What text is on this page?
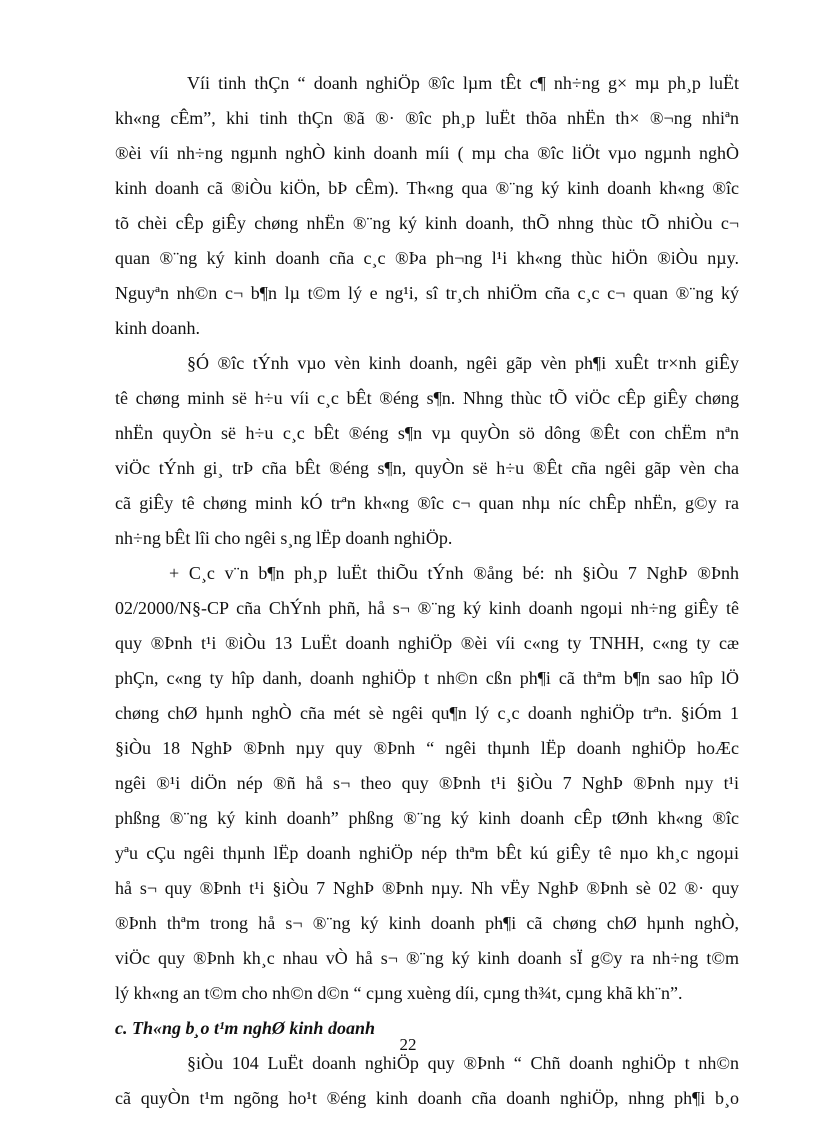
Víi tinh thÇn “ doanh nghiÖp ®îc lµm tÊt c¶ nh÷ng g× mµ ph¸p luËt
kh«ng cÊm”, khi tinh thÇn ®ã ®· ®îc ph¸p luËt thõa nhËn th× ®¬ng nhiªn
®èi víi nh÷ng ngµnh nghÒ kinh doanh míi ( mµ cha ®îc liÖt vµo ngµnh nghÒ
kinh doanh cã ®iÒu kiÖn, bÞ cÊm). Th«ng qua ®¨ng ký kinh doanh kh«ng ®îc
tõ chèi cÊp giÊy chøng nhËn ®¨ng ký kinh doanh, thÕ nhng thùc tÕ nhiÒu c¬
quan ®¨ng ký kinh doanh cña c¸c ®Þa ph¬ng l¹i kh«ng thùc hiÖn ®iÒu nµy.
Nguyªn nh©n c¬ b¶n lµ t©m lý e ng¹i, sî tr¸ch nhiÖm cña c¸c c¬ quan ®¨ng ký
kinh doanh.

§Ó ®îc tÝnh vµo vèn kinh doanh, ngêi gãp vèn ph¶i xuÊt tr×nh giÊy
tê chøng minh së h÷u víi c¸c bÊt ®éng s¶n. Nhng thùc tÕ viÖc cÊp giÊy chøng
nhËn quyÒn së h÷u c¸c bÊt ®éng s¶n vµ quyÒn sö dông ®Êt con chËm nªn
viÖc tÝnh gi¸ trÞ cña bÊt ®éng s¶n, quyÒn së h÷u ®Êt cña ngêi gãp vèn cha
cã giÊy tê chøng minh kÓ trªn kh«ng ®îc c¬ quan nhµ níc chÊp nhËn, g©y ra
nh÷ng bÊt lîi cho ngêi s¸ng lËp doanh nghiÖp.

+ C¸c v¨n b¶n ph¸p luËt thiÕu tÝnh ®ång bé: nh §iÒu 7 NghÞ ®Þnh
02/2000/N§-CP cña ChÝnh phñ, hå s¬ ®¨ng ký kinh doanh ngoµi nh÷ng giÊy tê
quy ®Þnh t¹i ®iÒu 13 LuËt doanh nghiÖp ®èi víi c«ng ty TNHH, c«ng ty cæ
phÇn, c«ng ty hîp danh, doanh nghiÖp t nh©n cßn ph¶i cã thªm b¶n sao hîp lÖ
chøng chØ hµnh nghÒ cña mét sè ngêi qu¶n lý c¸c doanh nghiÖp trªn. §iÓm 1
§iÒu 18 NghÞ ®Þnh nµy quy ®Þnh “ ngêi thµnh lËp doanh nghiÖp hoÆc
ngêi ®¹i diÖn nép ®ñ hå s¬ theo quy ®Þnh t¹i §iÒu 7 NghÞ ®Þnh nµy t¹i
phßng ®¨ng ký kinh doanh” phßng ®¨ng ký kinh doanh cÊp tØnh kh«ng ®îc
yªu cÇu ngêi thµnh lËp doanh nghiÖp nép thªm bÊt kú giÊy tê nµo kh¸c ngoµi
hå s¬ quy ®Þnh t¹i §iÒu 7 NghÞ ®Þnh nµy. Nh vËy NghÞ ®Þnh sè 02 ®· quy
®Þnh thªm trong hå s¬ ®¨ng ký kinh doanh ph¶i cã chøng chØ hµnh nghÒ,
viÖc quy ®Þnh kh¸c nhau vÒ hå s¬ ®¨ng ký kinh doanh sÏ g©y ra nh÷ng t©m
lý kh«ng an t©m cho nh©n d©n “ cµng xuèng díi, cµng th¾t, cµng khã kh¨n”.

c. Th«ng b¸o t¹m nghØ kinh doanh

§iÒu 104 LuËt doanh nghiÖp quy ®Þnh “ Chñ doanh nghiÖp t nh©n
cã quyÒn t¹m ngõng ho¹t ®éng kinh doanh cña doanh nghiÖp, nhng ph¶i b¸o

22
